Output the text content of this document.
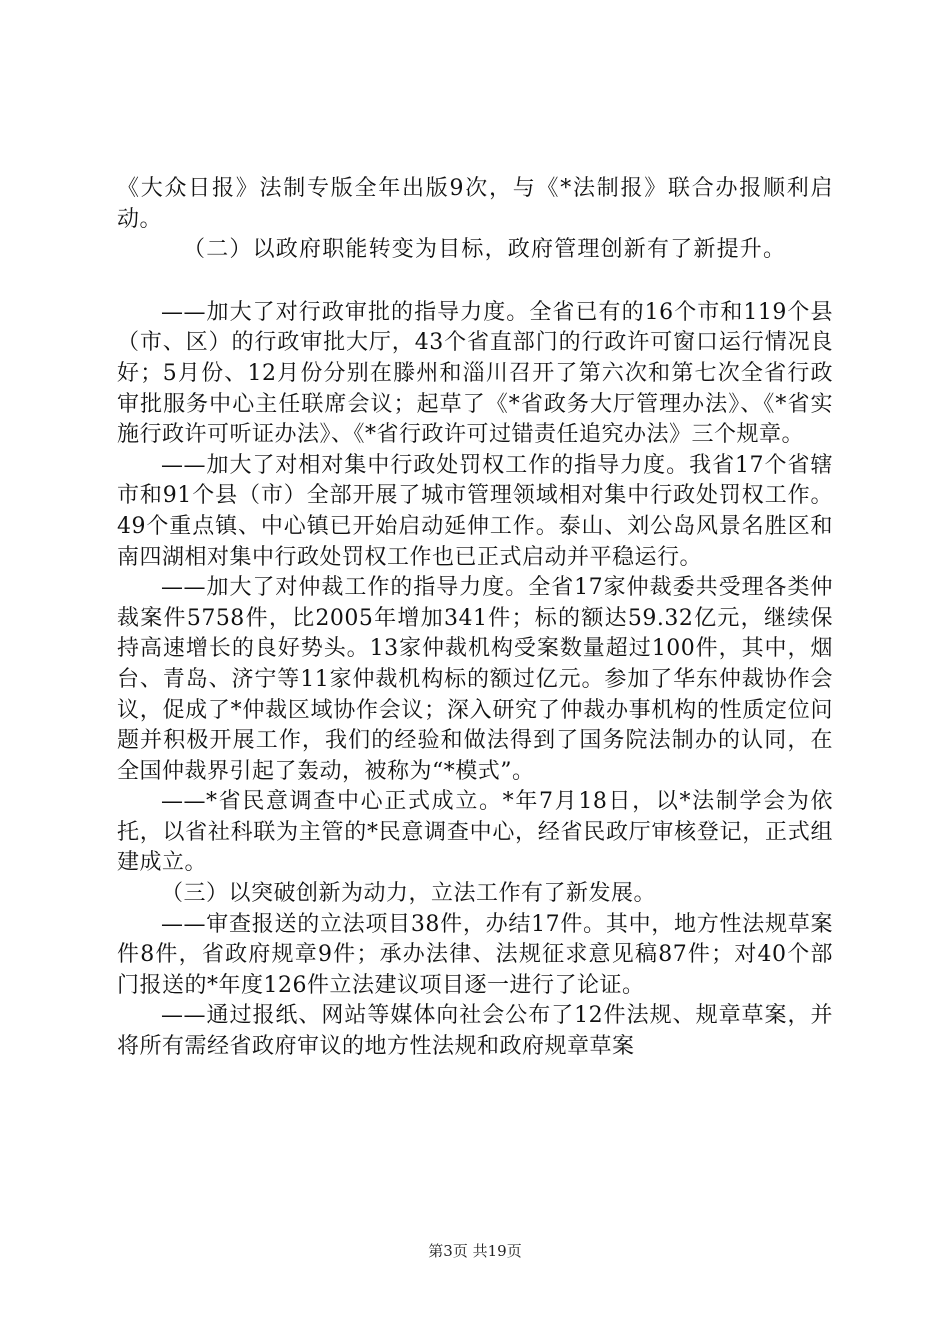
《大众日报》法制专版全年出版9次，与《*法制报》联合办报顺利启动。

（二）以政府职能转变为目标，政府管理创新有了新提升。

——加大了对行政审批的指导力度。全省已有的16个市和119个县（市、区）的行政审批大厅，43个省直部门的行政许可窗口运行情况良好；5月份、12月份分别在滕州和淄川召开了第六次和第七次全省行政审批服务中心主任联席会议；起草了《*省政务大厅管理办法》、《*省实施行政许可听证办法》、《*省行政许可过错责任追究办法》三个规章。

——加大了对相对集中行政处罚权工作的指导力度。我省17个省辖市和91个县（市）全部开展了城市管理领域相对集中行政处罚权工作。49个重点镇、中心镇已开始启动延伸工作。泰山、刘公岛风景名胜区和南四湖相对集中行政处罚权工作也已正式启动并平稳运行。

——加大了对仲裁工作的指导力度。全省17家仲裁委共受理各类仲裁案件5758件，比2005年增加341件；标的额达59.32亿元，继续保持高速增长的良好势头。13家仲裁机构受案数量超过100件，其中，烟台、青岛、济宁等11家仲裁机构标的额过亿元。参加了华东仲裁协作会议，促成了*仲裁区域协作会议；深入研究了仲裁办事机构的性质定位问题并积极开展工作，我们的经验和做法得到了国务院法制办的认同，在全国仲裁界引起了轰动，被称为“*模式”。

——*省民意调查中心正式成立。*年7月18日，以*法制学会为依托，以省社科联为主管的*民意调查中心，经省民政厅审核登记，正式组建成立。

（三）以突破创新为动力，立法工作有了新发展。

——审查报送的立法项目38件，办结17件。其中，地方性法规草案件8件，省政府规章9件；承办法律、法规征求意见稿87件；对40个部门报送的*年度126件立法建议项目逐一进行了论证。

——通过报纸、网站等媒体向社会公布了12件法规、规章草案，并将所有需经省政府审议的地方性法规和政府规章草案

第3页 共19页
